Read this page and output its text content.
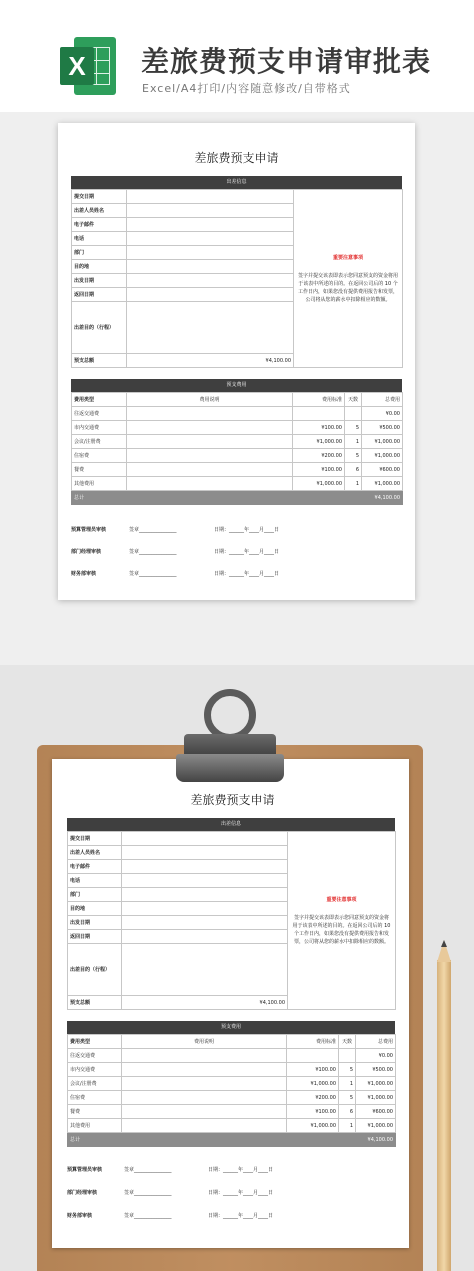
X 差旅费预支申请审批表
Excel/A4打印/内容随意修改/自带格式
差旅费预支申请
出差信息
提交日期		重要注意事项
签字并提交该表即表示您同意预支的资金将用于该表中所述的目的。在返回公司后的 10 个工作日内，如果您没有提供费用报告和发票，公司将从您的薪水中扣除相应的数额。
出差人员姓名		
电子邮件		
电话		
部门		
目的地		
出发日期		
返回日期		
出差目的（行程）		
预支总额	¥4,100.00	
预支费用
费用类型	费用说明	费用标准	天数	总费用
往返交通费				¥0.00
市内交通费		¥100.00	5	¥500.00
会议/注册费		¥1,000.00	1	¥1,000.00
住宿费		¥200.00	5	¥1,000.00
餐费		¥100.00	6	¥600.00
其他费用		¥1,000.00	1	¥1,000.00
总计				¥4,100.00
预算管理员审核	签章_______________	日期：______年____月____日
部门经理审核	签章_______________	日期：______年____月____日
财务部审核	签章_______________	日期：______年____月____日
差旅费预支申请
出差信息
提交日期		重要注意事项
签字并提交该表即表示您同意预支的资金将用于该表中所述的目的。在返回公司后的 10 个工作日内，如果您没有提供费用报告和发票，公司将从您的薪水中扣除相应的数额。
出差人员姓名		
电子邮件		
电话		
部门		
目的地		
出发日期		
返回日期		
出差目的（行程）		
预支总额	¥4,100.00	
预支费用
费用类型	费用说明	费用标准	天数	总费用
往返交通费				¥0.00
市内交通费		¥100.00	5	¥500.00
会议/注册费		¥1,000.00	1	¥1,000.00
住宿费		¥200.00	5	¥1,000.00
餐费		¥100.00	6	¥600.00
其他费用		¥1,000.00	1	¥1,000.00
总计				¥4,100.00
预算管理员审核	签章_______________	日期：______年____月____日
部门经理审核	签章_______________	日期：______年____月____日
财务部审核	签章_______________	日期：______年____月____日
